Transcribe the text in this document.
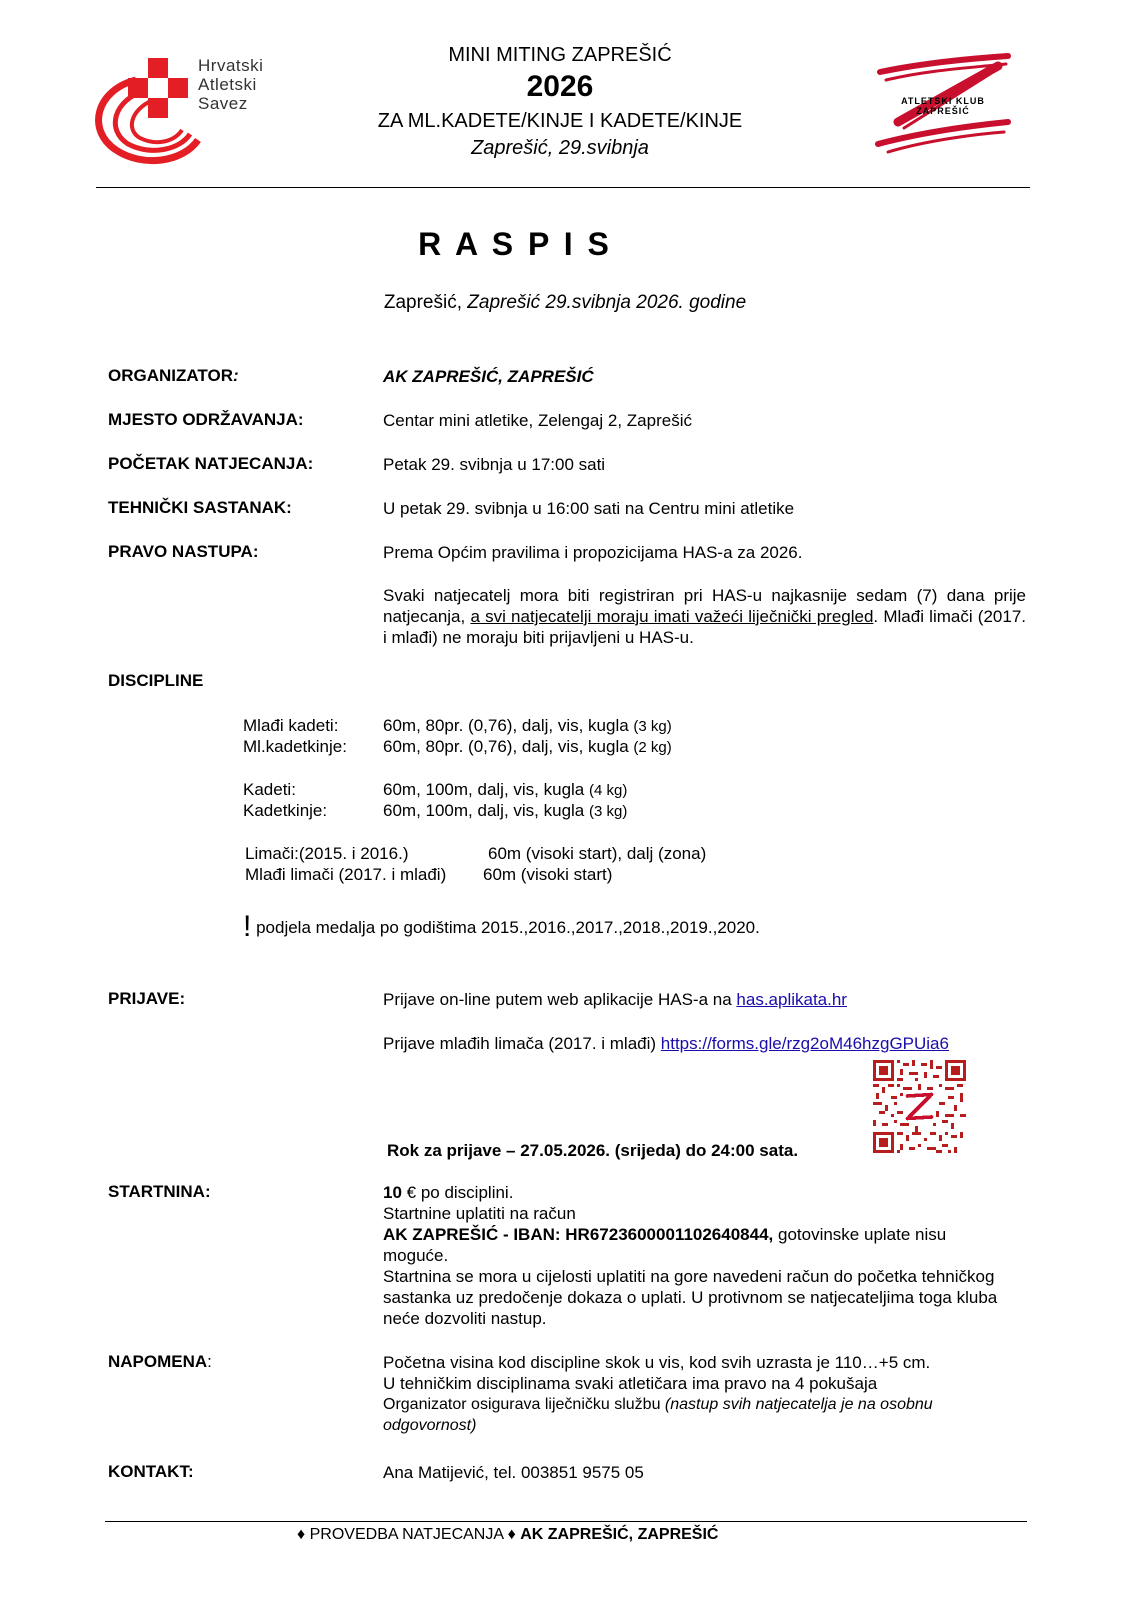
Hrvatski
Atletski
Savez
MINI MITING ZAPREŠIĆ
2026
ZA ML.KADETE/KINJE I KADETE/KINJE
Zaprešić, 29.svibnja
ATLETSKI KLUB
ZAPREŠIĆ
R A S P I S
Zaprešić, Zaprešić 29.svibnja 2026. godine
ORGANIZATOR:	AK ZAPREŠIĆ, ZAPREŠIĆ
MJESTO ODRŽAVANJA:	Centar mini atletike, Zelengaj 2, Zaprešić
POČETAK NATJECANJA:	Petak 29. svibnja u 17:00 sati
TEHNIČKI SASTANAK:	U petak 29. svibnja u 16:00 sati na Centru mini atletike
PRAVO NASTUPA:	Prema Općim pravilima i propozicijama HAS-a za 2026.
Svaki natjecatelj mora biti registriran pri HAS-u najkasnije sedam (7) dana prije natjecanja, a svi natjecatelji moraju imati važeći liječnički pregled. Mlađi limači (2017. i mlađi) ne moraju biti prijavljeni u HAS-u.
DISCIPLINE
Mlađi kadeti:	60m, 80pr. (0,76), dalj, vis, kugla (3 kg)
Ml.kadetkinje: 60m, 80pr. (0,76), dalj, vis, kugla (2 kg)
Kadeti:	60m, 100m, dalj, vis, kugla (4 kg)
Kadetkinje:	60m, 100m, dalj, vis, kugla (3 kg)
Limači:(2015. i 2016.)	60m (visoki start), dalj (zona)
Mlađi limači (2017. i mlađi) 60m (visoki start)
! podjela medalja po godištima 2015.,2016.,2017.,2018.,2019.,2020.
PRIJAVE:	Prijave on-line putem web aplikacije HAS-a na has.aplikata.hr
Prijave mlađih limača (2017. i mlađi) https://forms.gle/rzg2oM46hzgGPUia6
Rok za prijave – 27.05.2026. (srijeda) do 24:00 sata.
STARTNINA:	10 € po disciplini.
Startnine uplatiti na račun
AK ZAPREŠIĆ - IBAN: HR6723600001102640844, gotovinske uplate nisu moguće.
Startnina se mora u cijelosti uplatiti na gore navedeni račun do početka tehničkog sastanka uz predočenje dokaza o uplati. U protivnom se natjecateljima toga kluba neće dozvoliti nastup.
NAPOMENA:	Početna visina kod discipline skok u vis, kod svih uzrasta je 110…+5 cm.
U tehničkim disciplinama svaki atletičara ima pravo na 4 pokušaja
Organizator osigurava liječničku službu (nastup svih natjecatelja je na osobnu odgovornost)
KONTAKT:	Ana Matijević, tel. 003851 9575 05
♦ PROVEDBA NATJECANJA ♦ AK ZAPREŠIĆ, ZAPREŠIĆ
